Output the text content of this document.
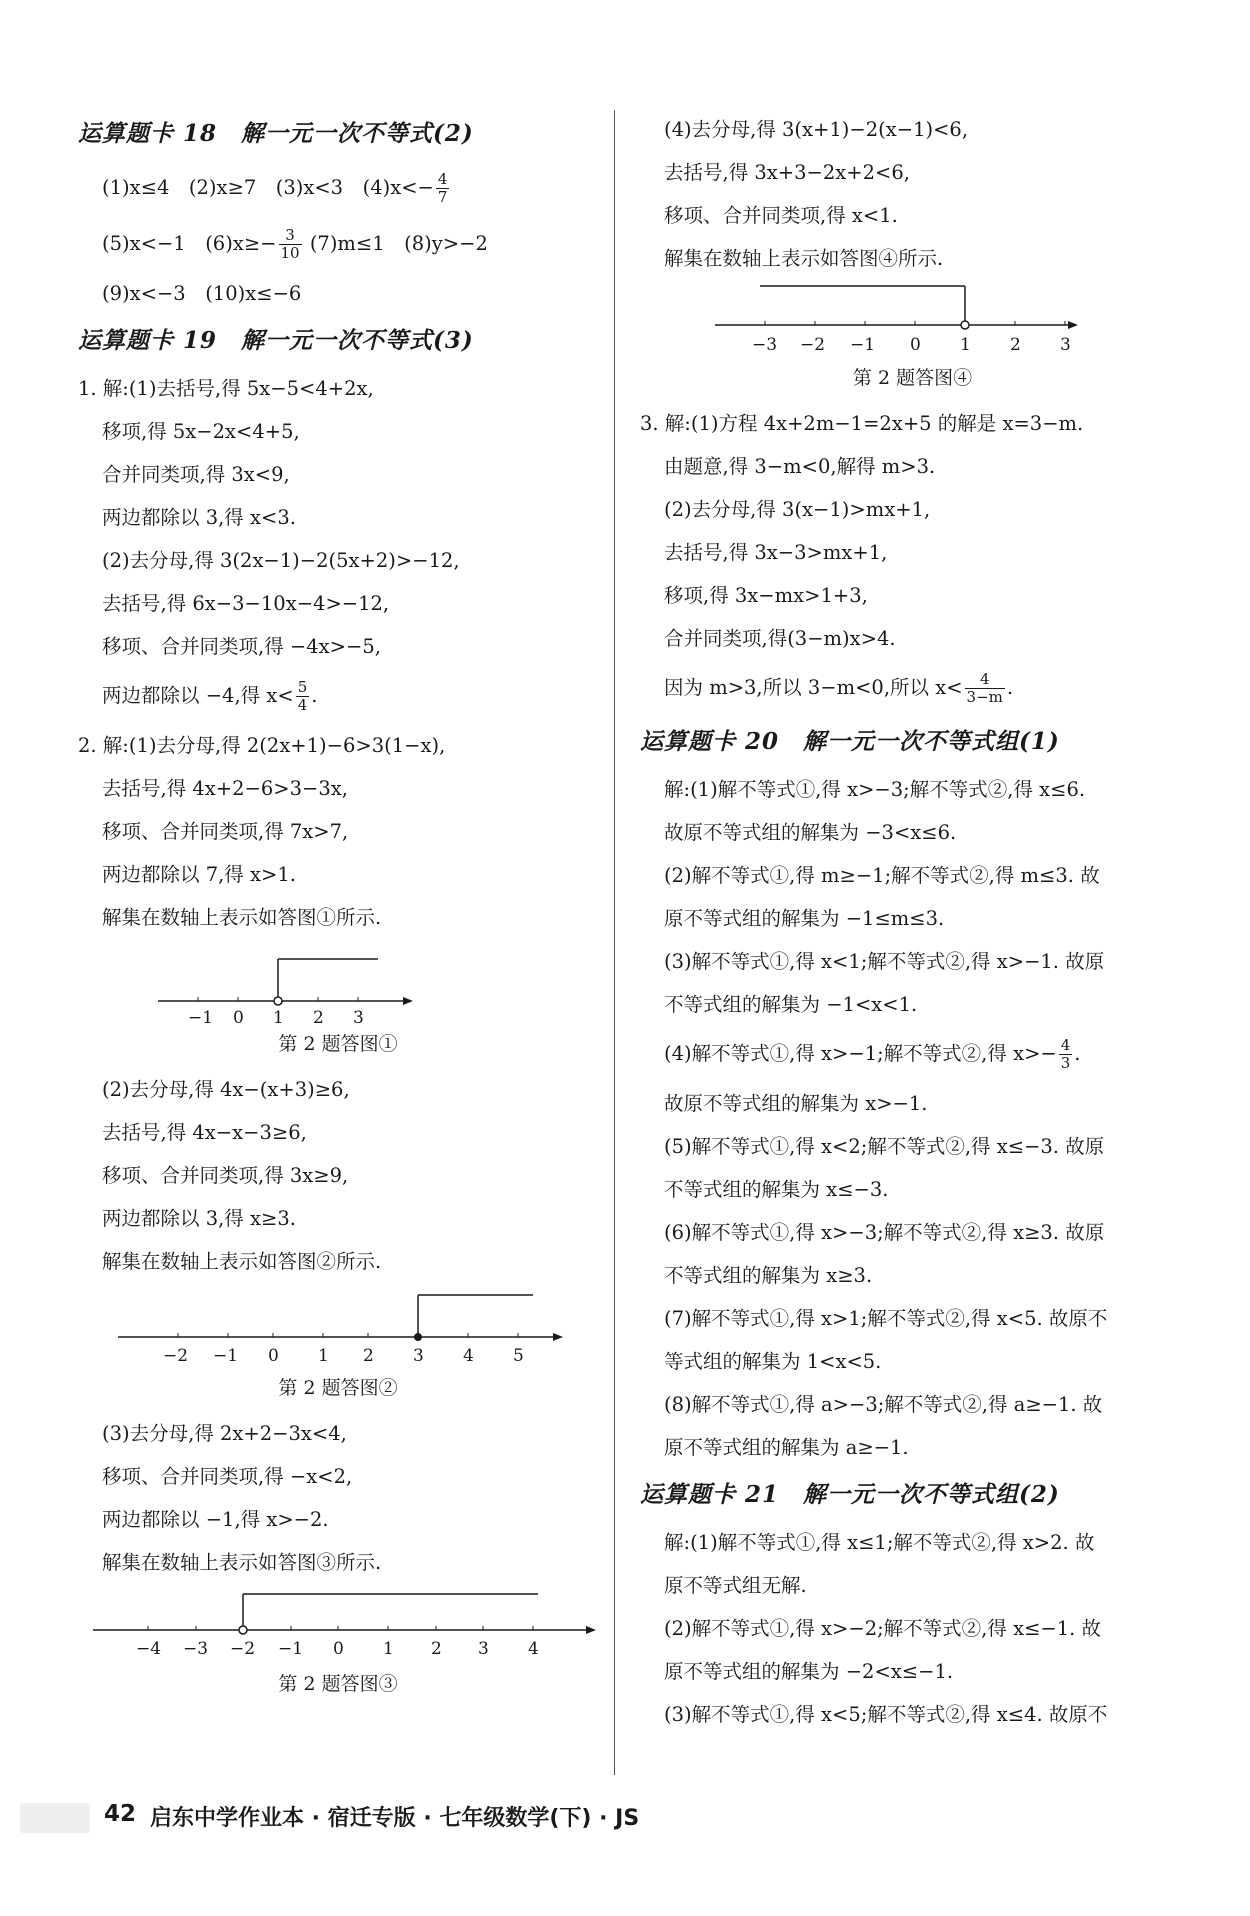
运算题卡 18　解一元一次不等式(2)
(1)x≤4　(2)x≥7　(3)x<3　$(4)x<- \frac{4}{7}$
(5)x<−1　$(6)x\ge- \frac{3}{10} (7)m\le 1$　(8)y>−2
(9)x<−3　(10)x≤−6
运算题卡 19　解一元一次不等式(3)
1. 解:(1)去括号,得 5x−5<4+2x,
移项,得 5x−2x<4+5,
合并同类项,得 3x<9,
两边都除以 3,得 x<3.
(2)去分母,得 3(2x−1)−2(5x+2)>−12,
去括号,得 6x−3−10x−4>−12,
移项、合并同类项,得 −4x>−5,
两边都除以 −4,得 $x< \frac{5}{4}$ .
2. 解:(1)去分母,得 2(2x+1)−6>3(1−x),
去括号,得 4x+2−6>3−3x,
移项、合并同类项,得 7x>7,
两边都除以 7,得 x>1.
解集在数轴上表示如答图①所示.
−1 0 1 2 3
第 2 题答图①
(2)去分母,得 4x−(x+3)≥6,
去括号,得 4x−x−3≥6,
移项、合并同类项,得 3x≥9,
两边都除以 3,得 x≥3.
解集在数轴上表示如答图②所示.
−2 −1 0 1 2 3 4 5
第 2 题答图②
(3)去分母,得 2x+2−3x<4,
移项、合并同类项,得 −x<2,
两边都除以 −1,得 x>−2.
解集在数轴上表示如答图③所示.
−4 −3 −2 −1 0 1 2 3 4
第 2 题答图③
(4)去分母,得 3(x+1)−2(x−1)<6,
去括号,得 3x+3−2x+2<6,
移项、合并同类项,得 x<1.
解集在数轴上表示如答图④所示.
−3 −2 −1 0 1 2 3
第 2 题答图④
3. 解:(1)方程 4x+2m−1=2x+5 的解是 x=3−m.
由题意,得 3−m<0,解得 m>3.
(2)去分母,得 3(x−1)>mx+1,
去括号,得 3x−3>mx+1,
移项,得 3x−mx>1+3,
合并同类项,得(3−m)x>4.
因为 m>3,所以 3−m<0,所以 $x< \frac{4}{3-m}$ .
运算题卡 20　解一元一次不等式组(1)
解:(1)解不等式①,得 x>−3;解不等式②,得 x≤6.
故原不等式组的解集为 −3<x≤6.
(2)解不等式①,得 m≥−1;解不等式②,得 m≤3. 故
原不等式组的解集为 −1≤m≤3.
(3)解不等式①,得 x<1;解不等式②,得 x>−1. 故原
不等式组的解集为 −1<x<1.
(4)解不等式①,得 x>−1;解不等式②,得 $x>- \frac{4}{3}$ .
故原不等式组的解集为 x>−1.
(5)解不等式①,得 x<2;解不等式②,得 x≤−3. 故原
不等式组的解集为 x≤−3.
(6)解不等式①,得 x>−3;解不等式②,得 x≥3. 故原
不等式组的解集为 x≥3.
(7)解不等式①,得 x>1;解不等式②,得 x<5. 故原不
等式组的解集为 1<x<5.
(8)解不等式①,得 a>−3;解不等式②,得 a≥−1. 故
原不等式组的解集为 a≥−1.
运算题卡 21　解一元一次不等式组(2)
解:(1)解不等式①,得 x≤1;解不等式②,得 x>2. 故
原不等式组无解.
(2)解不等式①,得 x>−2;解不等式②,得 x≤−1. 故
原不等式组的解集为 −2<x≤−1.
(3)解不等式①,得 x<5;解不等式②,得 x≤4. 故原不
42 启东中学作业本 · 宿迁专版 · 七年级数学(下) · JS
